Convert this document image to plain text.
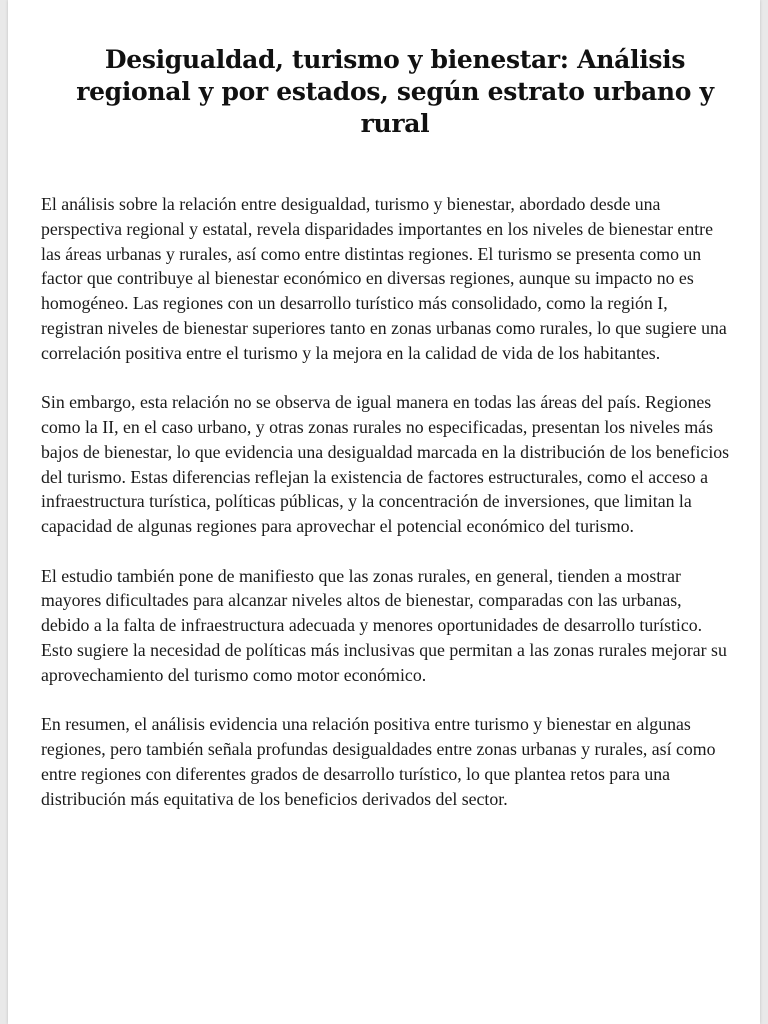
Desigualdad, turismo y bienestar: Análisis regional y por estados, según estrato urbano y rural

El análisis sobre la relación entre desigualdad, turismo y bienestar, abordado desde una perspectiva regional y estatal, revela disparidades importantes en los niveles de bienestar entre las áreas urbanas y rurales, así como entre distintas regiones. El turismo se presenta como un factor que contribuye al bienestar económico en diversas regiones, aunque su impacto no es homogéneo. Las regiones con un desarrollo turístico más consolidado, como la región I, registran niveles de bienestar superiores tanto en zonas urbanas como rurales, lo que sugiere una correlación positiva entre el turismo y la mejora en la calidad de vida de los habitantes.

Sin embargo, esta relación no se observa de igual manera en todas las áreas del país. Regiones como la II, en el caso urbano, y otras zonas rurales no especificadas, presentan los niveles más bajos de bienestar, lo que evidencia una desigualdad marcada en la distribución de los beneficios del turismo. Estas diferencias reflejan la existencia de factores estructurales, como el acceso a infraestructura turística, políticas públicas, y la concentración de inversiones, que limitan la capacidad de algunas regiones para aprovechar el potencial económico del turismo.

El estudio también pone de manifiesto que las zonas rurales, en general, tienden a mostrar mayores dificultades para alcanzar niveles altos de bienestar, comparadas con las urbanas, debido a la falta de infraestructura adecuada y menores oportunidades de desarrollo turístico. Esto sugiere la necesidad de políticas más inclusivas que permitan a las zonas rurales mejorar su aprovechamiento del turismo como motor económico.

En resumen, el análisis evidencia una relación positiva entre turismo y bienestar en algunas regiones, pero también señala profundas desigualdades entre zonas urbanas y rurales, así como entre regiones con diferentes grados de desarrollo turístico, lo que plantea retos para una distribución más equitativa de los beneficios derivados del sector.
